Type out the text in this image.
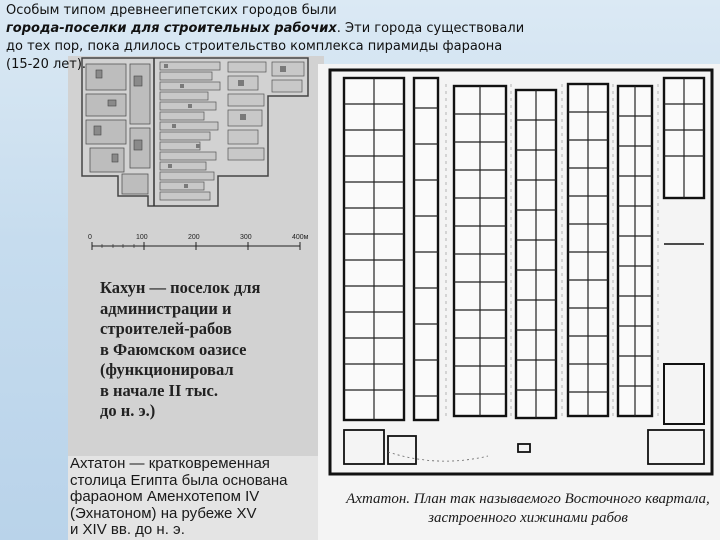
Особым типом древнеегипетских городов были
города-поселки для строительных рабочих. Эти города существовали
до тех пор, пока длилось строительство комплекса пирамиды фараона
(15-20 лет).
0	100	200	300	400м
Кахун — поселок для
администрации и
строителей-рабов
в Фаюмском оазисе
(функционировал
в начале II тыс.
до н. э.)
Ахтатон — кратковременная
столица Египта была основана
фараоном Аменхотепом IV
(Эхнатоном) на рубеже XV
и XIV вв. до н. э.
Ахтатон. План так называемого Восточного квартала,
застроенного хижинами рабов
